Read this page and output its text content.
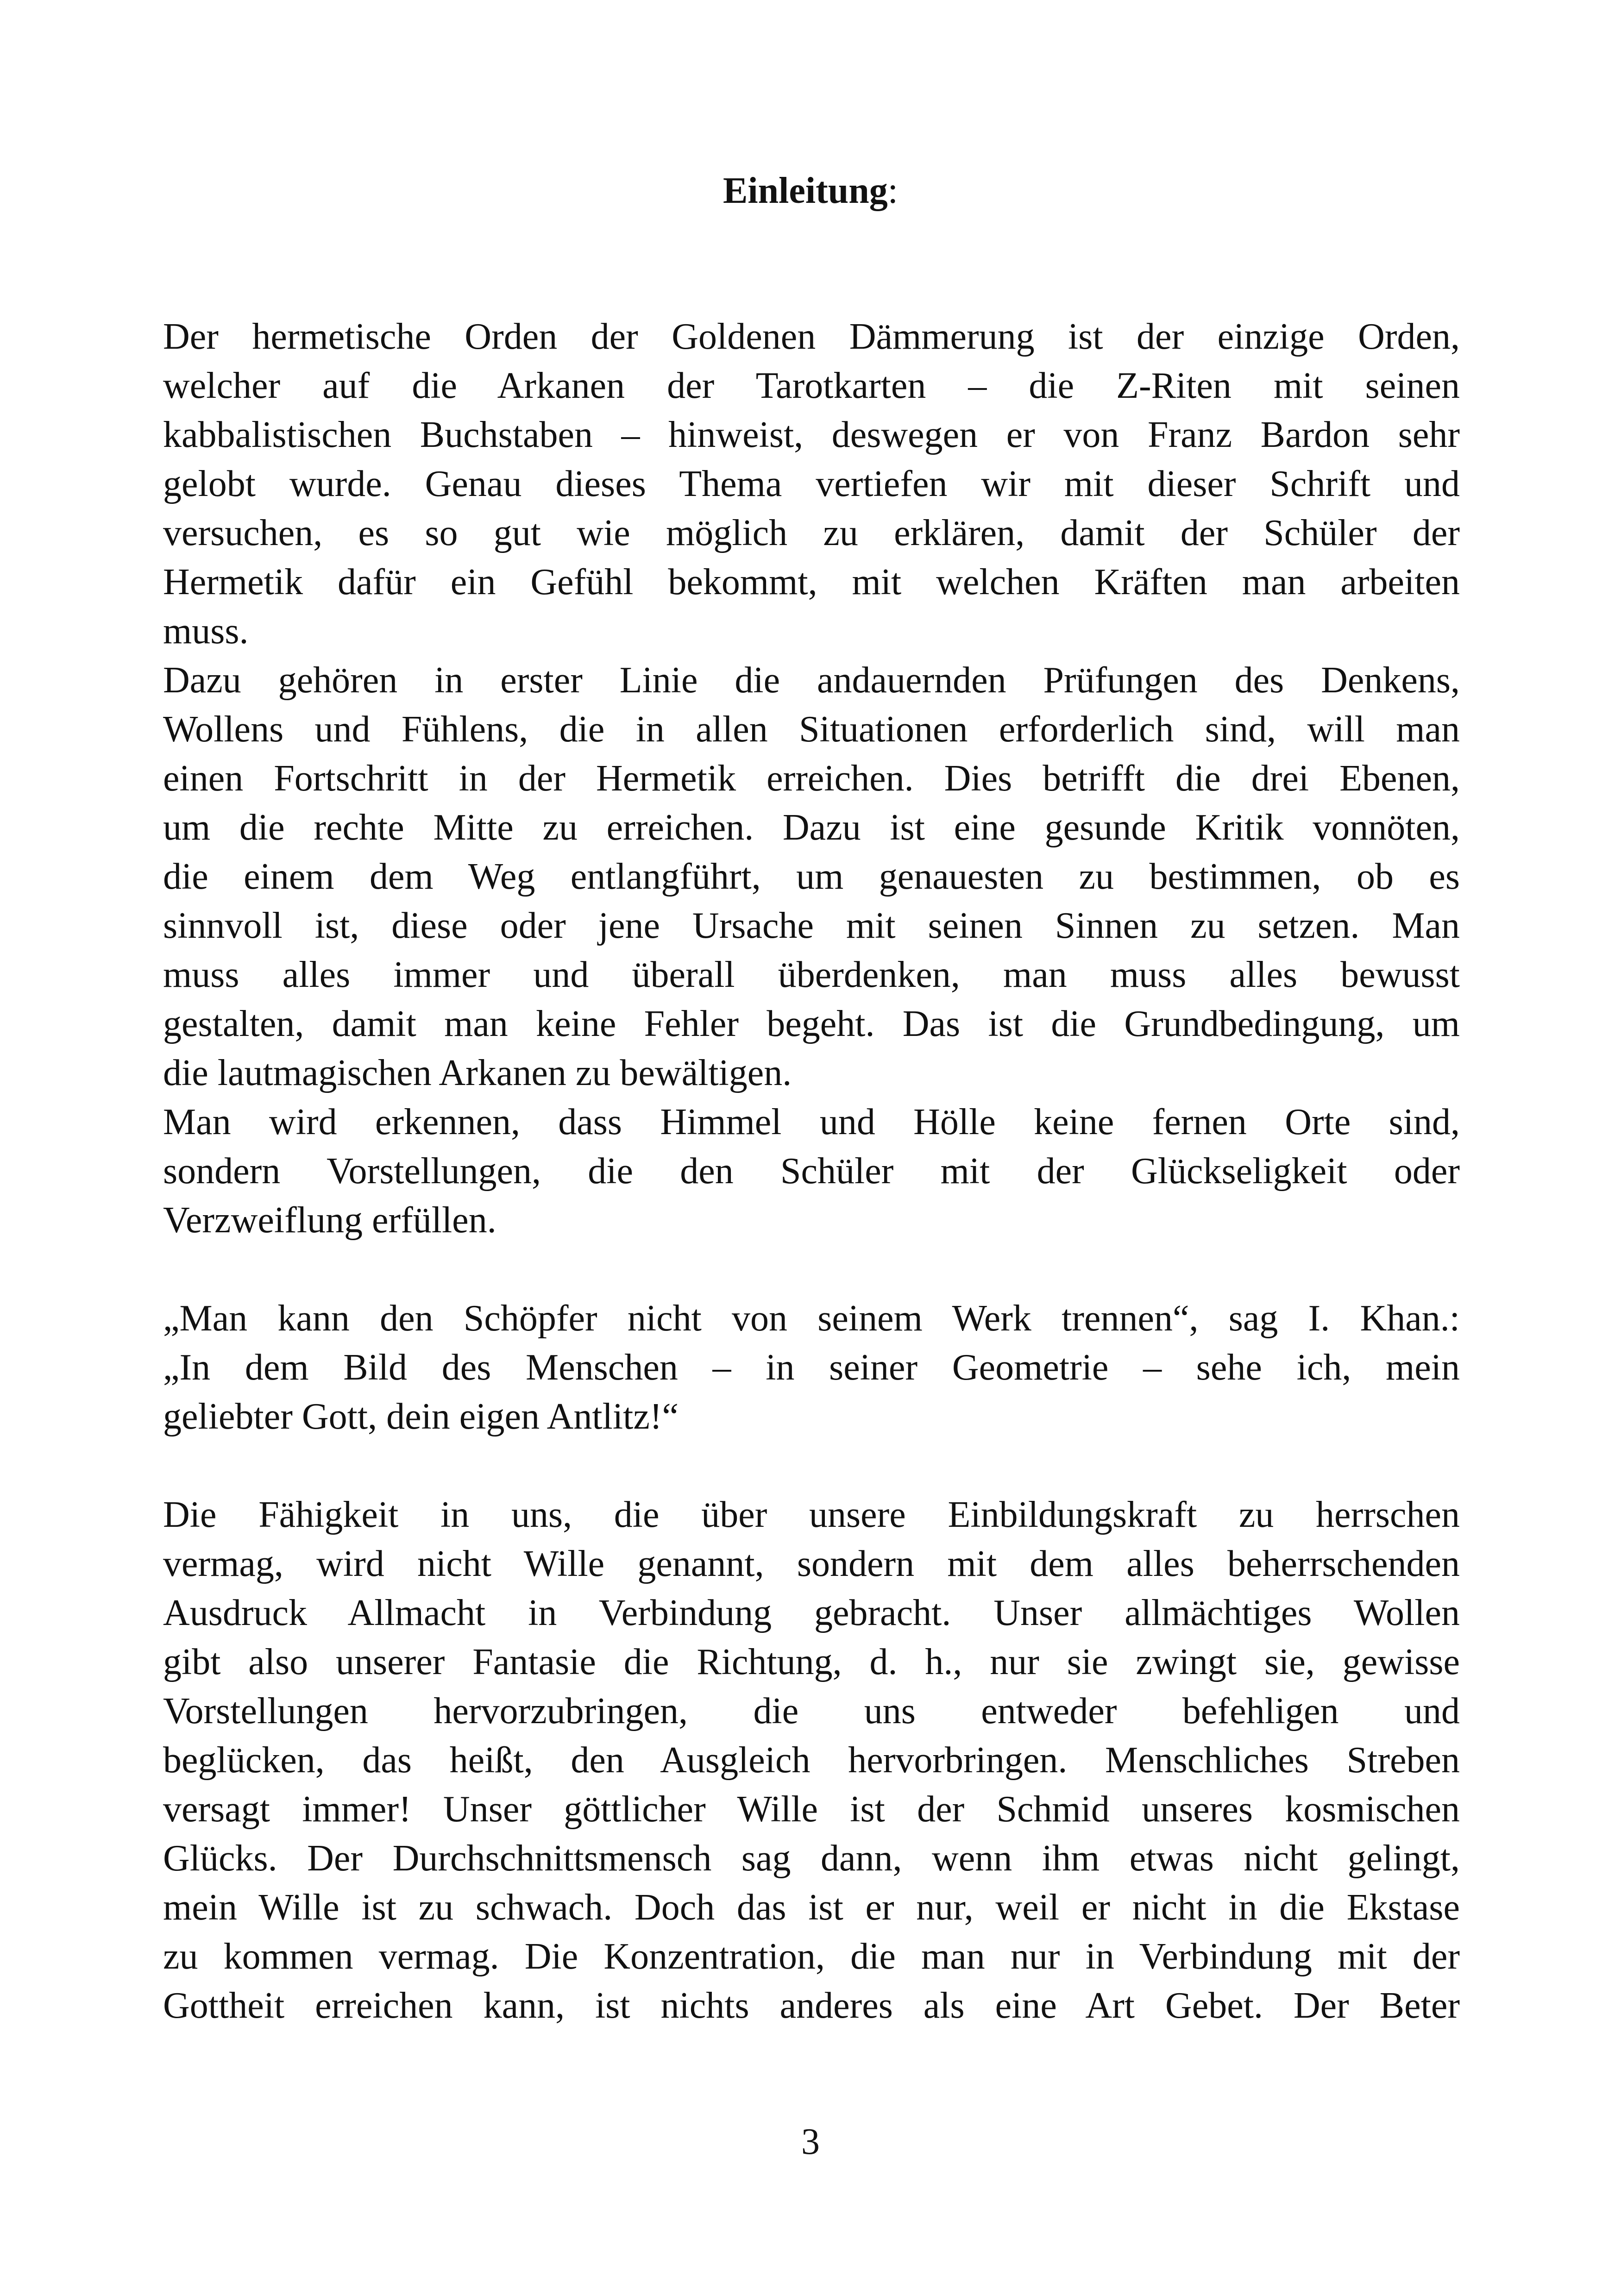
Einleitung:
Der hermetische Orden der Goldenen Dämmerung ist der einzige Orden,
welcher auf die Arkanen der Tarotkarten – die Z-Riten mit seinen
kabbalistischen Buchstaben – hinweist, deswegen er von Franz Bardon sehr
gelobt wurde. Genau dieses Thema vertiefen wir mit dieser Schrift und
versuchen, es so gut wie möglich zu erklären, damit der Schüler der
Hermetik dafür ein Gefühl bekommt, mit welchen Kräften man arbeiten
muss.
Dazu gehören in erster Linie die andauernden Prüfungen des Denkens,
Wollens und Fühlens, die in allen Situationen erforderlich sind, will man
einen Fortschritt in der Hermetik erreichen. Dies betrifft die drei Ebenen,
um die rechte Mitte zu erreichen. Dazu ist eine gesunde Kritik vonnöten,
die einem dem Weg entlangführt, um genauesten zu bestimmen, ob es
sinnvoll ist, diese oder jene Ursache mit seinen Sinnen zu setzen. Man
muss alles immer und überall überdenken, man muss alles bewusst
gestalten, damit man keine Fehler begeht. Das ist die Grundbedingung, um
die lautmagischen Arkanen zu bewältigen.
Man wird erkennen, dass Himmel und Hölle keine fernen Orte sind,
sondern Vorstellungen, die den Schüler mit der Glückseligkeit oder
Verzweiflung erfüllen.
„Man kann den Schöpfer nicht von seinem Werk trennen“, sag I. Khan.:
„In dem Bild des Menschen – in seiner Geometrie – sehe ich, mein
geliebter Gott, dein eigen Antlitz!“
Die Fähigkeit in uns, die über unsere Einbildungskraft zu herrschen
vermag, wird nicht Wille genannt, sondern mit dem alles beherrschenden
Ausdruck Allmacht in Verbindung gebracht. Unser allmächtiges Wollen
gibt also unserer Fantasie die Richtung, d. h., nur sie zwingt sie, gewisse
Vorstellungen hervorzubringen, die uns entweder befehligen und
beglücken, das heißt, den Ausgleich hervorbringen. Menschliches Streben
versagt immer! Unser göttlicher Wille ist der Schmid unseres kosmischen
Glücks. Der Durchschnittsmensch sag dann, wenn ihm etwas nicht gelingt,
mein Wille ist zu schwach. Doch das ist er nur, weil er nicht in die Ekstase
zu kommen vermag. Die Konzentration, die man nur in Verbindung mit der
Gottheit erreichen kann, ist nichts anderes als eine Art Gebet. Der Beter
3
